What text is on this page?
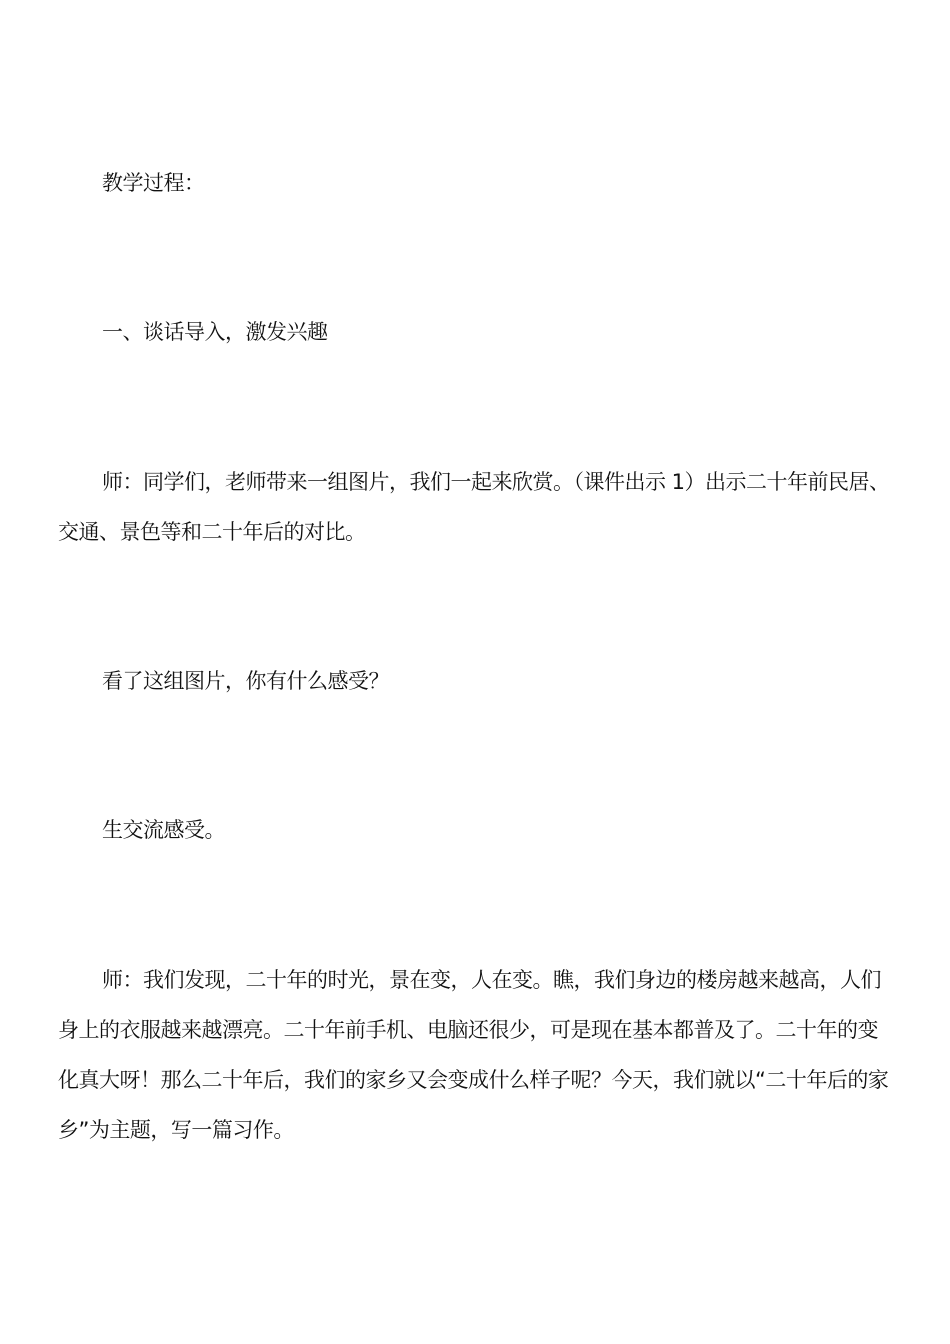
教学过程：

一、谈话导入，激发兴趣

师：同学们，老师带来一组图片，我们一起来欣赏。（课件出示 1）出示二十年前民居、交通、景色等和二十年后的对比。

看了这组图片，你有什么感受？

生交流感受。

师：我们发现，二十年的时光，景在变，人在变。瞧，我们身边的楼房越来越高，人们身上的衣服越来越漂亮。二十年前手机、电脑还很少，可是现在基本都普及了。二十年的变化真大呀！那么二十年后，我们的家乡又会变成什么样子呢？今天，我们就以“二十年后的家乡”为主题，写一篇习作。
